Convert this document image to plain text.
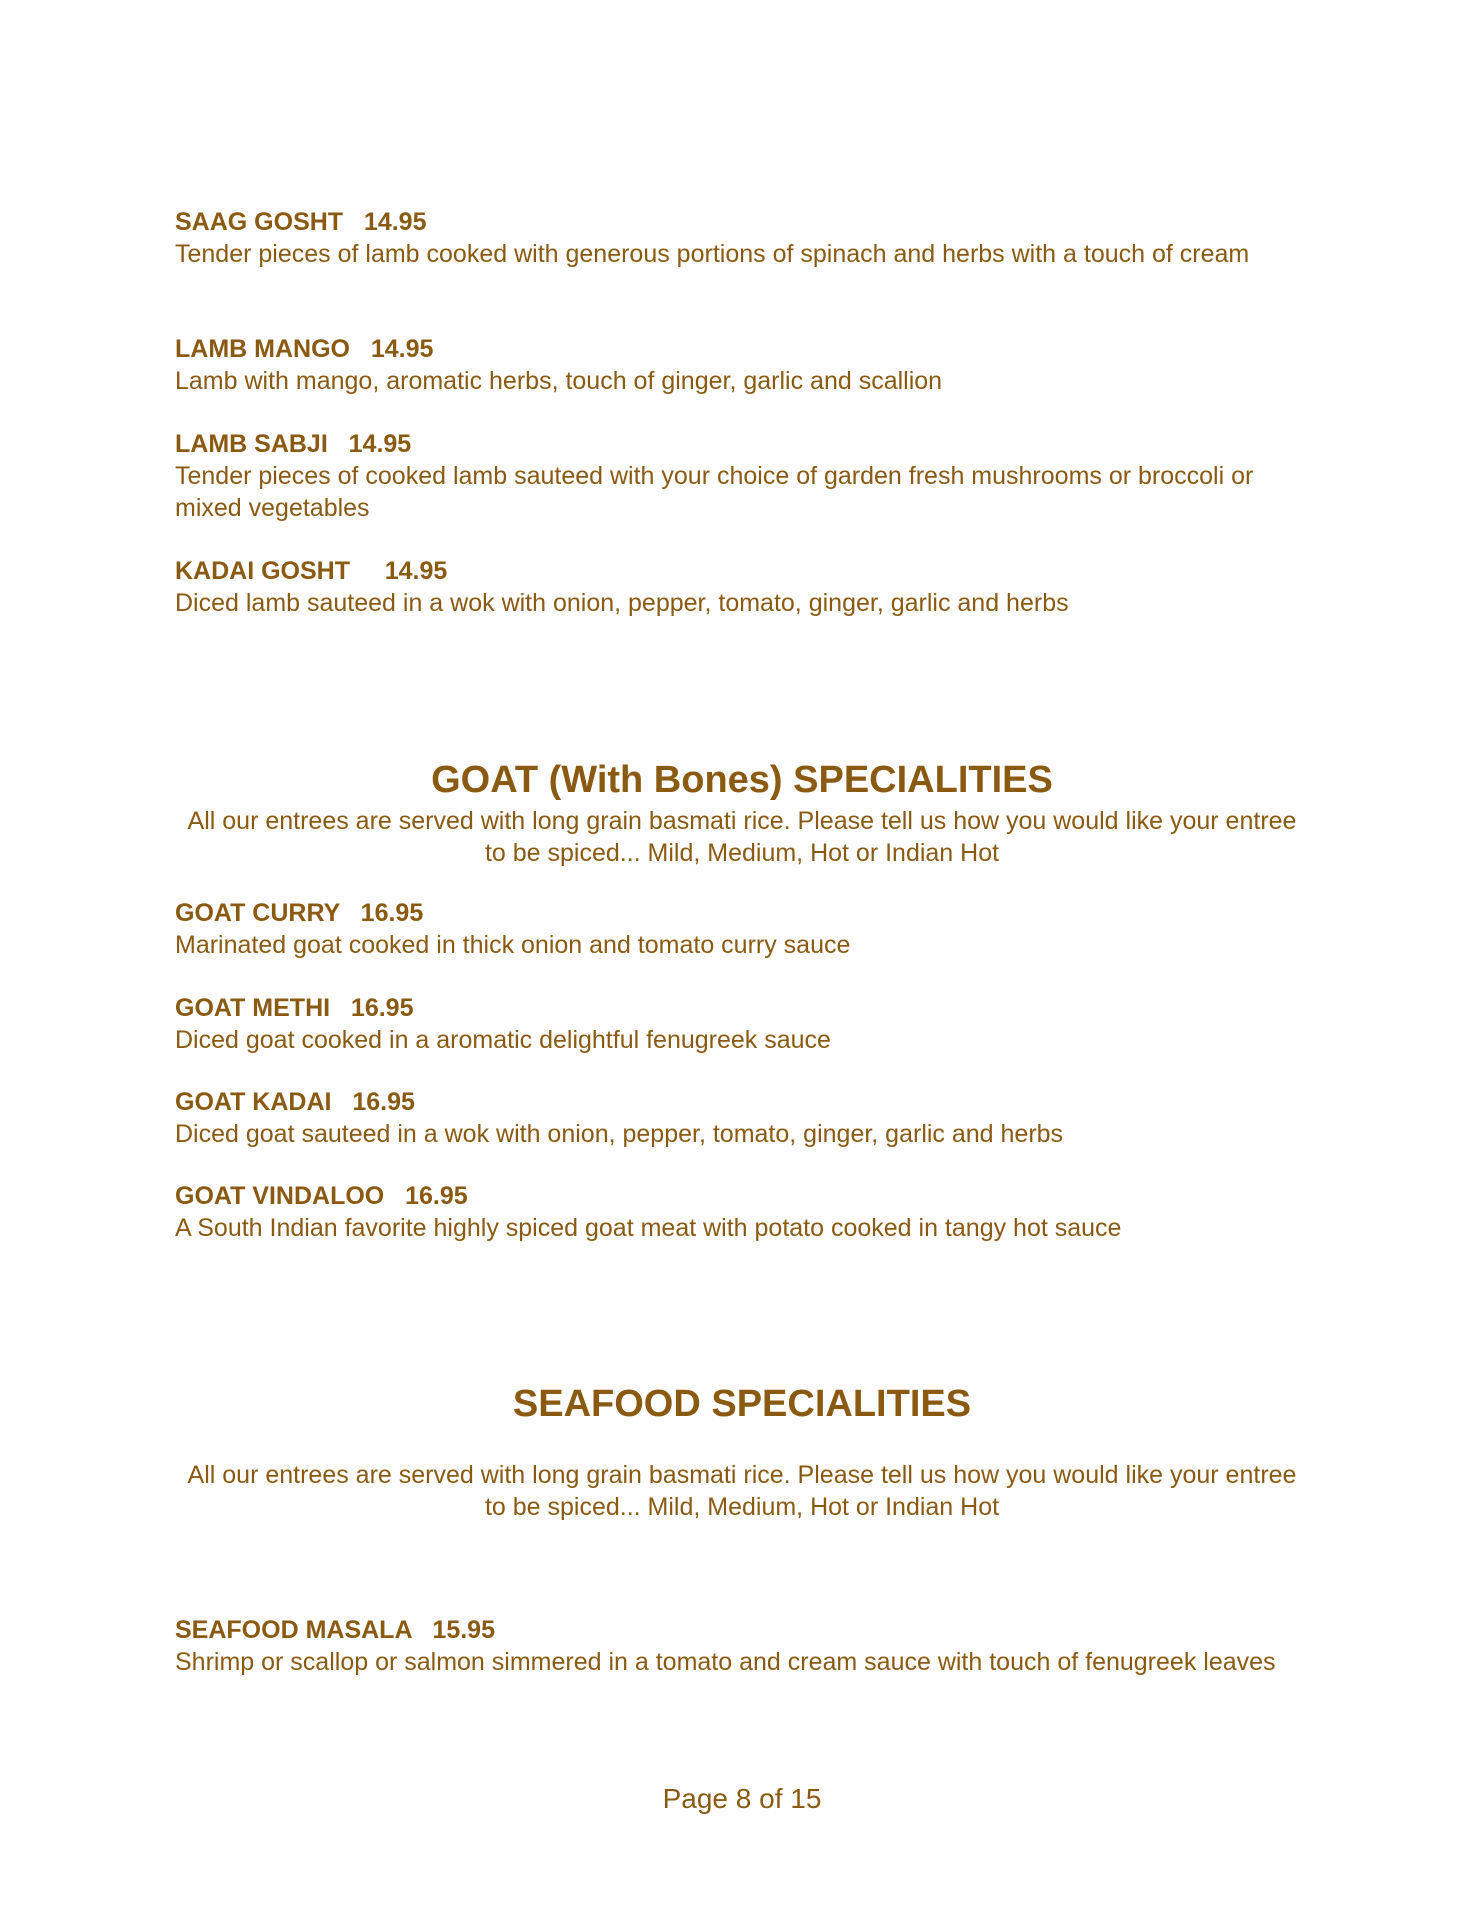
SAAG GOSHT 14.95
Tender pieces of lamb cooked with generous portions of spinach and herbs with a touch of cream
LAMB MANGO 14.95
Lamb with mango, aromatic herbs, touch of ginger, garlic and scallion
LAMB SABJI 14.95
Tender pieces of cooked lamb sauteed with your choice of garden fresh mushrooms or broccoli or mixed vegetables
KADAI GOSHT 14.95
Diced lamb sauteed in a wok with onion, pepper, tomato, ginger, garlic and herbs
GOAT (With Bones) SPECIALITIES
All our entrees are served with long grain basmati rice. Please tell us how you would like your entree to be spiced... Mild, Medium, Hot or Indian Hot
GOAT CURRY 16.95
Marinated goat cooked in thick onion and tomato curry sauce
GOAT METHI 16.95
Diced goat cooked in a aromatic delightful fenugreek sauce
GOAT KADAI 16.95
Diced goat sauteed in a wok with onion, pepper, tomato, ginger, garlic and herbs
GOAT VINDALOO 16.95
A South Indian favorite highly spiced goat meat with potato cooked in tangy hot sauce
SEAFOOD SPECIALITIES
All our entrees are served with long grain basmati rice. Please tell us how you would like your entree to be spiced... Mild, Medium, Hot or Indian Hot
SEAFOOD MASALA 15.95
Shrimp or scallop or salmon simmered in a tomato and cream sauce with touch of fenugreek leaves
Page 8 of 15
